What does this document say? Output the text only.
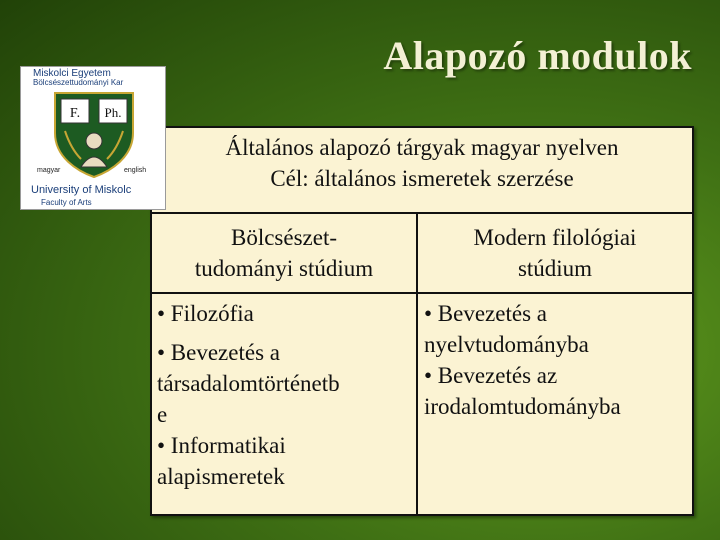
Alapozó modulok
Miskolci Egyetem
Bölcsészettudományi Kar
F. Ph.
magyar	english
University of Miskolc
Faculty of Arts
Általános alapozó tárgyak magyar nyelven
Cél: általános ismeretek szerzése
Bölcsészet-
tudományi stúdium
Modern filológiai
stúdium
• Filozófia
• Bevezetés a
társadalomtörténetb
e
• Informatikai
alapismeretek
• Bevezetés a
nyelvtudományba
• Bevezetés az
irodalomtudományba
